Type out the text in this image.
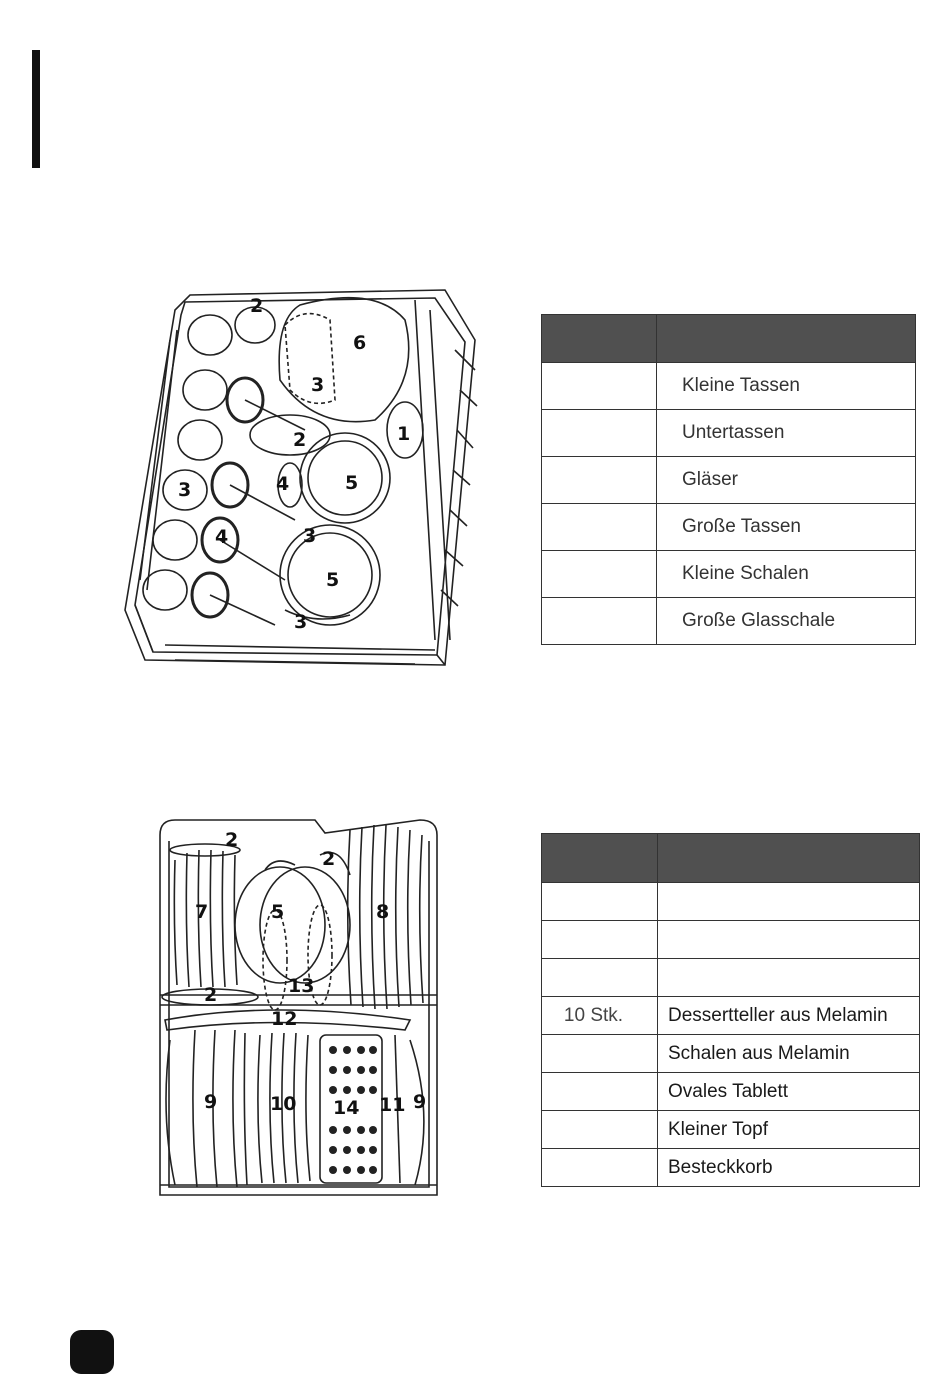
2
6
3
2	1
3	4	5
4	3
5
3

	Kleine Tassen
	Untertassen
	Gläser
	Große Tassen
	Kleine Schalen
	Große Glasschale
2
2
7	5	8
13
2
12
9	10 14 11 9

10 Stk.	Dessertteller aus Melamin
	Schalen aus Melamin
	Ovales Tablett
	Kleiner Topf
	Besteckkorb
